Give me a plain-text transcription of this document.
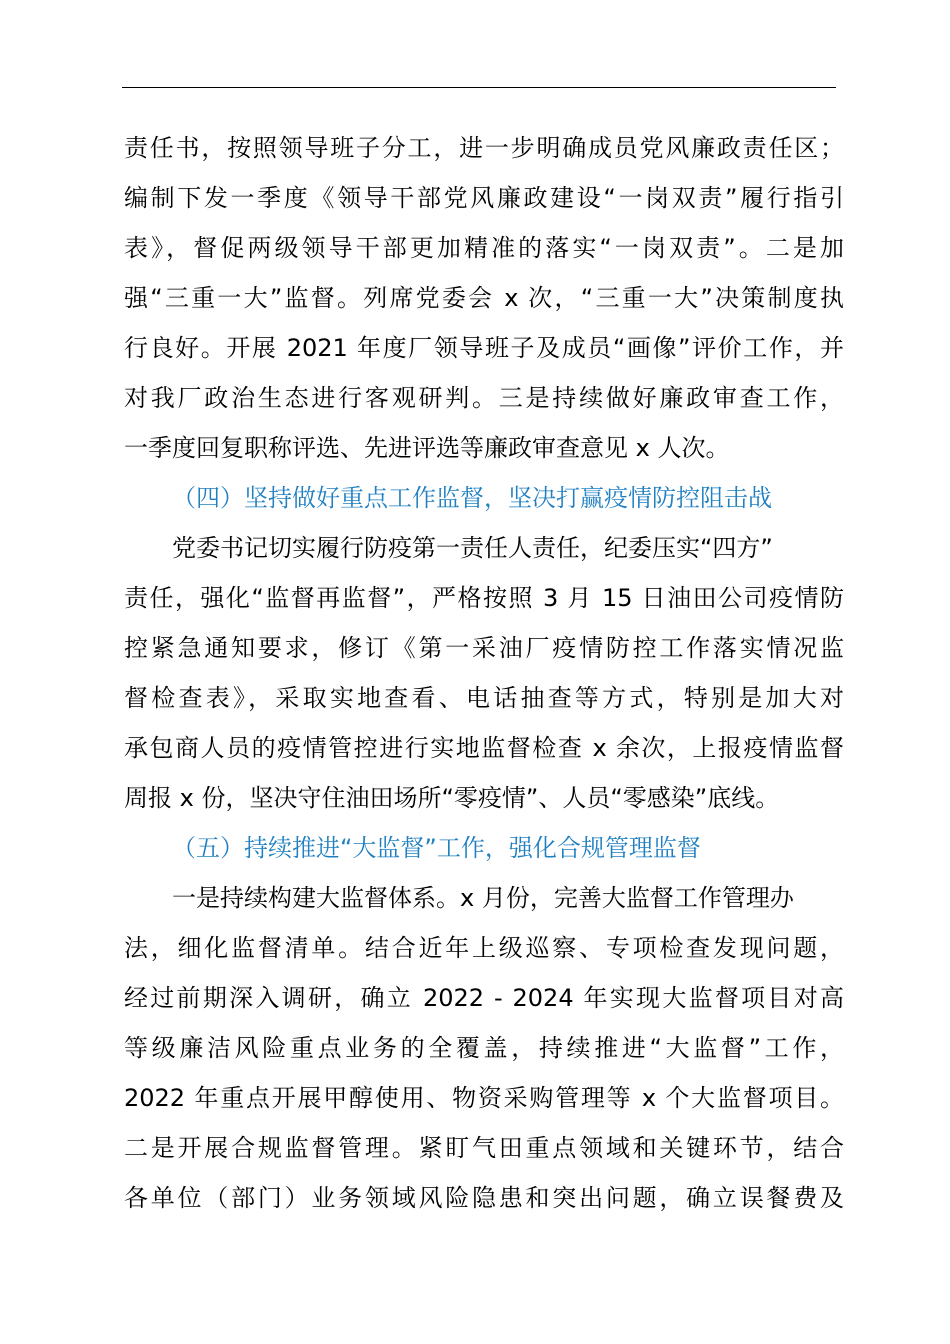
责任书，按照领导班子分工，进一步明确成员党风廉政责任区；
编制下发一季度《领导干部党风廉政建设“一岗双责”履行指引
表》，督促两级领导干部更加精准的落实“一岗双责”。二是加
强“三重一大”监督。列席党委会 x 次，“三重一大”决策制度执
行良好。开展 2021 年度厂领导班子及成员“画像”评价工作，并
对我厂政治生态进行客观研判。三是持续做好廉政审查工作，
一季度回复职称评选、先进评选等廉政审查意见 x 人次。
（四）坚持做好重点工作监督，坚决打赢疫情防控阻击战
党委书记切实履行防疫第一责任人责任，纪委压实“四方”
责任，强化“监督再监督”，严格按照 3 月 15 日油田公司疫情防
控紧急通知要求，修订《第一采油厂疫情防控工作落实情况监
督检查表》，采取实地查看、电话抽查等方式，特别是加大对
承包商人员的疫情管控进行实地监督检查 x 余次，上报疫情监督
周报 x 份，坚决守住油田场所“零疫情”、人员“零感染”底线。
（五）持续推进“大监督”工作，强化合规管理监督
一是持续构建大监督体系。x 月份，完善大监督工作管理办
法，细化监督清单。结合近年上级巡察、专项检查发现问题，
经过前期深入调研，确立 2022 - 2024 年实现大监督项目对高
等级廉洁风险重点业务的全覆盖，持续推进“大监督”工作，
2022 年重点开展甲醇使用、物资采购管理等 x 个大监督项目。
二是开展合规监督管理。紧盯气田重点领域和关键环节，结合
各单位（部门）业务领域风险隐患和突出问题，确立误餐费及
